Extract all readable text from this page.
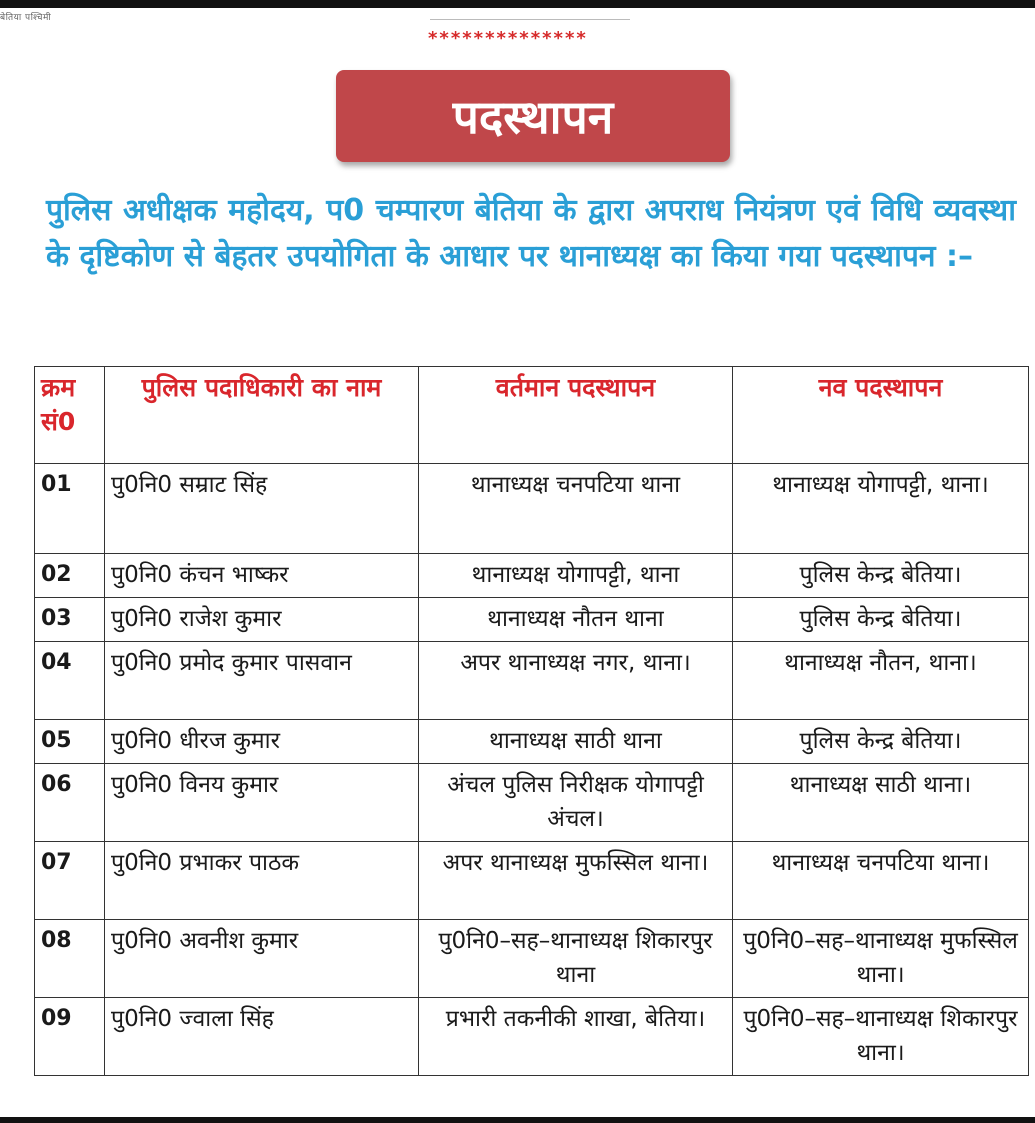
बेतिया पश्चिमी
**************
पदस्थापन
पुलिस अधीक्षक महोदय, प0 चम्पारण बेतिया के द्वारा अपराध नियंत्रण एवं विधि व्यवस्था के दृष्टिकोण से बेहतर उपयोगिता के आधार पर थानाध्यक्ष का किया गया पदस्थापन :–
क्रम सं0	पुलिस पदाधिकारी का नाम	वर्तमान पदस्थापन	नव पदस्थापन
01	पु0नि0 सम्राट सिंह	थानाध्यक्ष चनपटिया थाना	थानाध्यक्ष योगापट्टी, थाना।
02	पु0नि0 कंचन भाष्कर	थानाध्यक्ष योगापट्टी, थाना	पुलिस केन्द्र बेतिया।
03	पु0नि0 राजेश कुमार	थानाध्यक्ष नौतन थाना	पुलिस केन्द्र बेतिया।
04	पु0नि0 प्रमोद कुमार पासवान	अपर थानाध्यक्ष नगर, थाना।	थानाध्यक्ष नौतन, थाना।
05	पु0नि0 धीरज कुमार	थानाध्यक्ष साठी थाना	पुलिस केन्द्र बेतिया।
06	पु0नि0 विनय कुमार	अंचल पुलिस निरीक्षक योगापट्टी अंचल।	थानाध्यक्ष साठी थाना।
07	पु0नि0 प्रभाकर पाठक	अपर थानाध्यक्ष मुफस्सिल थाना।	थानाध्यक्ष चनपटिया थाना।
08	पु0नि0 अवनीश कुमार	पु0नि0–सह–थानाध्यक्ष शिकारपुर थाना	पु0नि0–सह–थानाध्यक्ष मुफस्सिल थाना।
09	पु0नि0 ज्वाला सिंह	प्रभारी तकनीकी शाखा, बेतिया।	पु0नि0–सह–थानाध्यक्ष शिकारपुर थाना।
